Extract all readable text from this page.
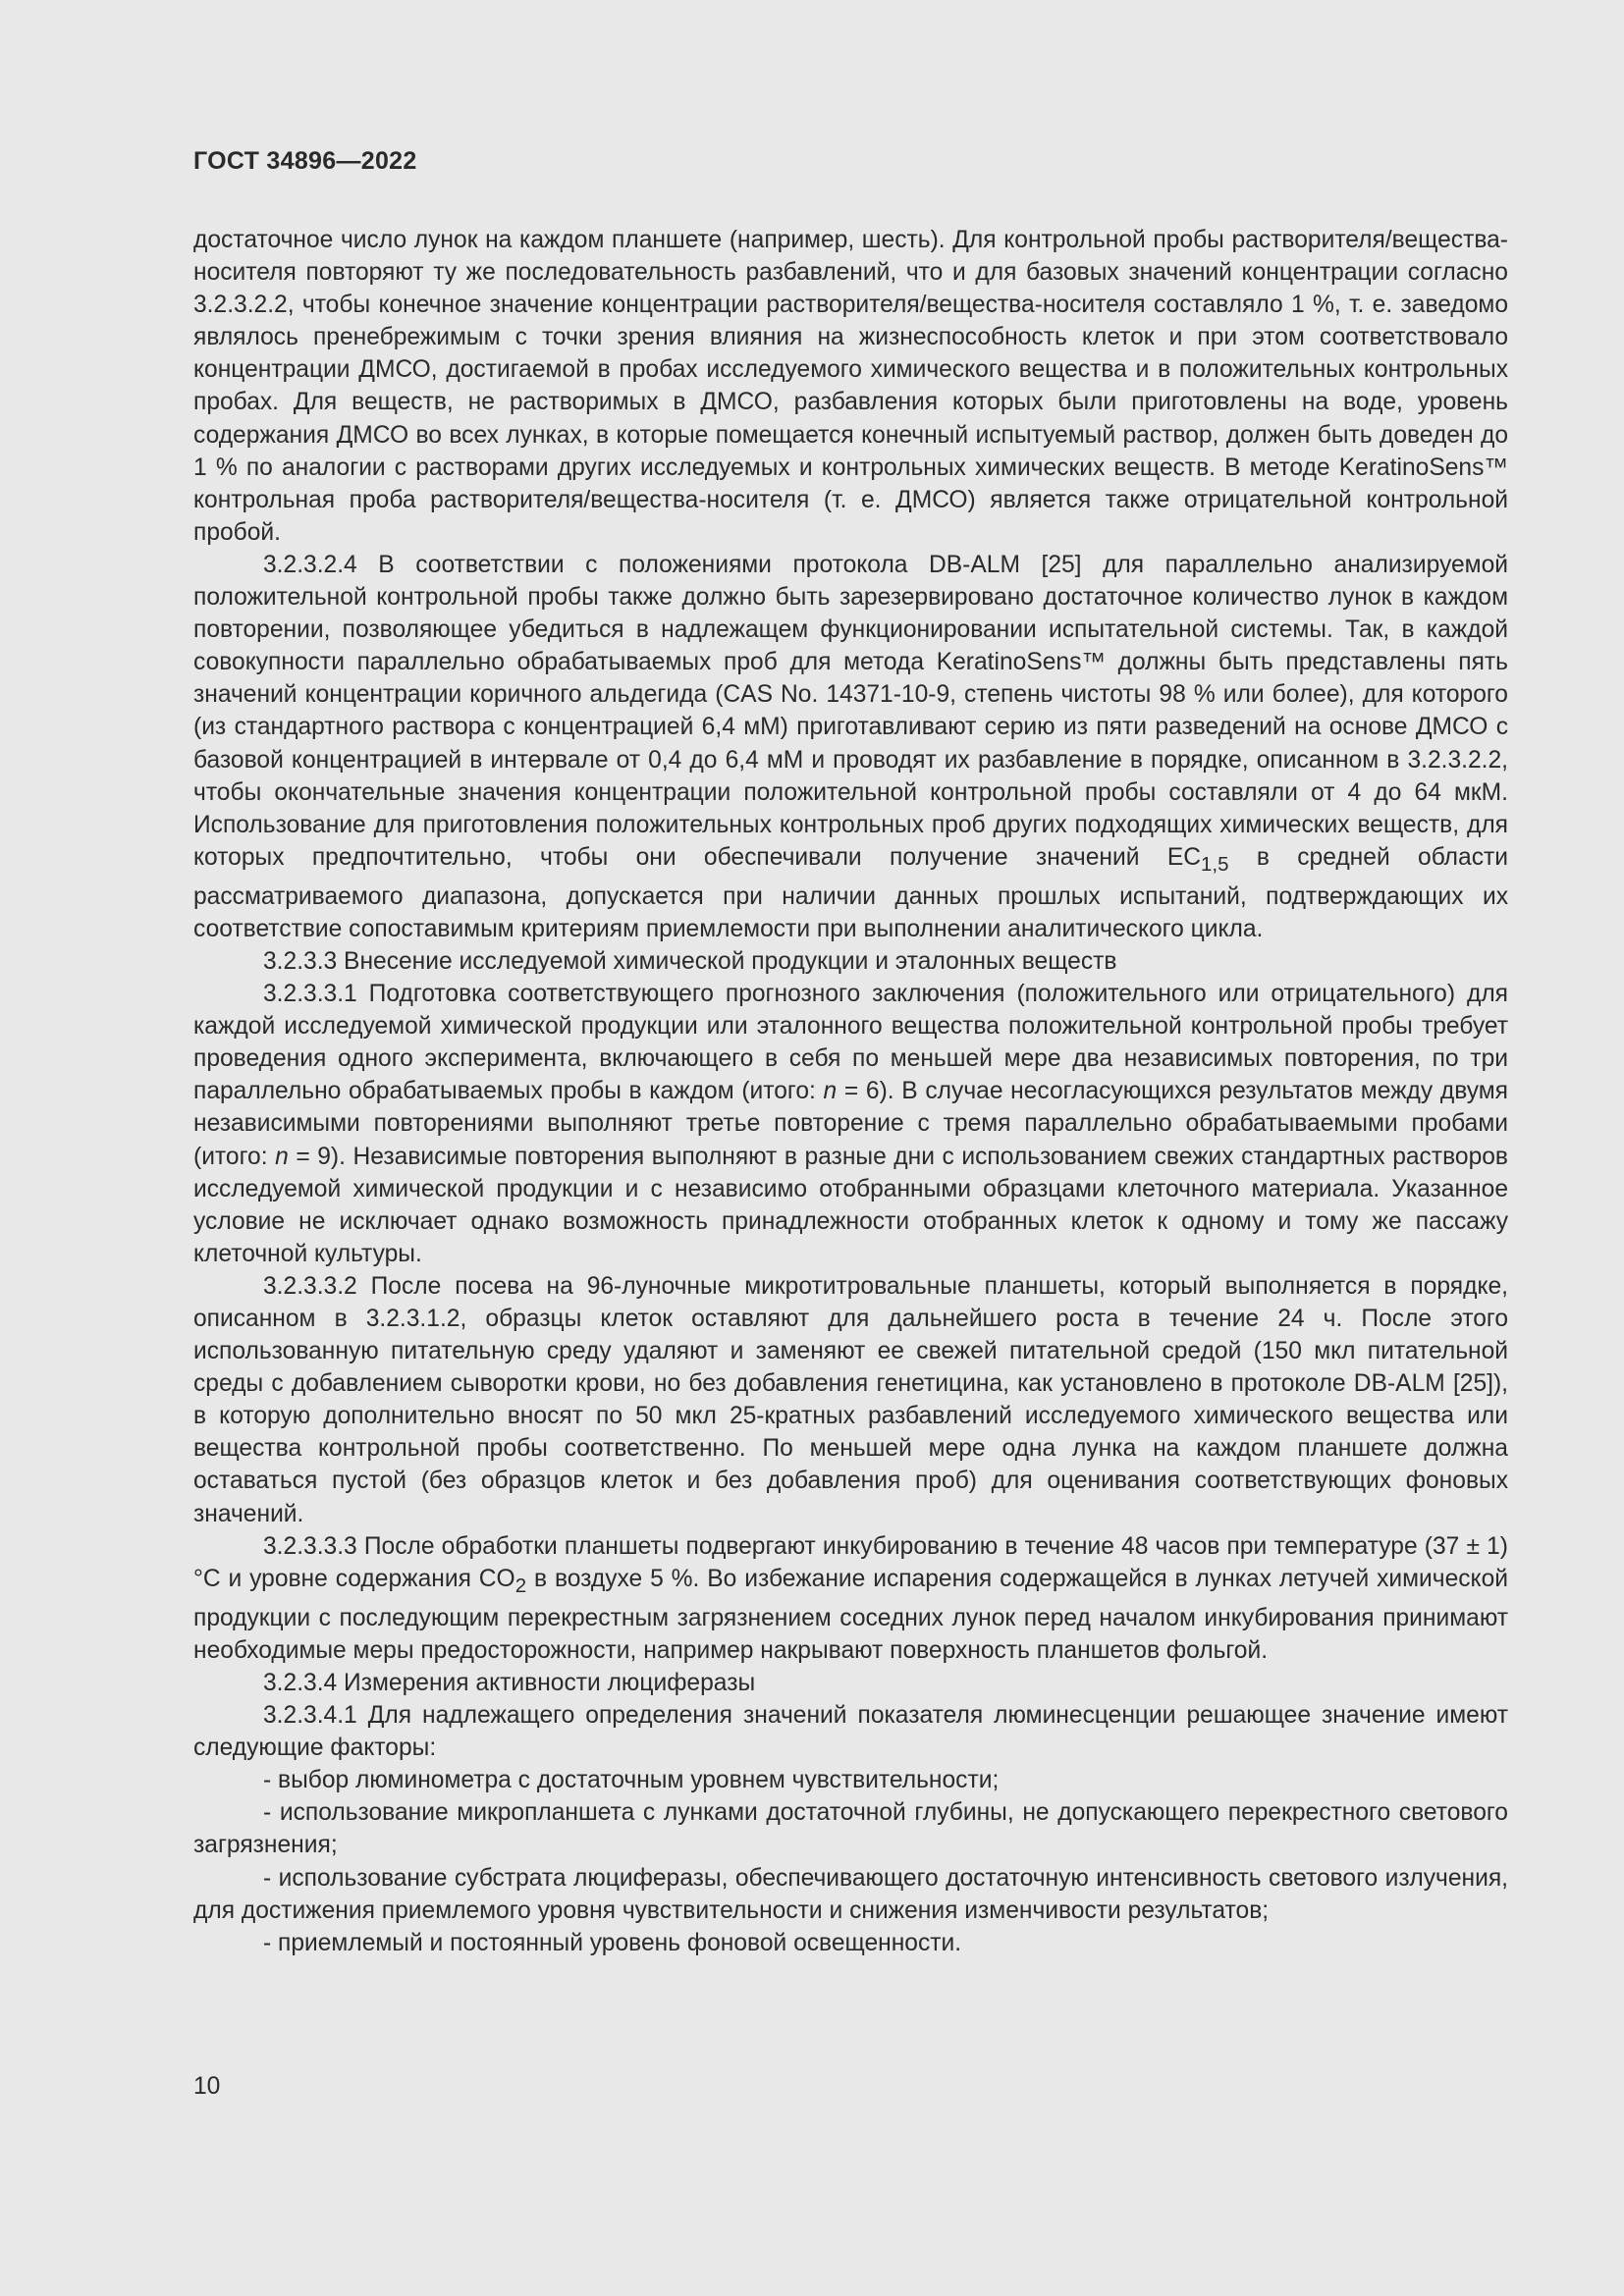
ГОСТ 34896—2022

достаточное число лунок на каждом планшете (например, шесть). Для контрольной пробы растворителя/вещества-носителя повторяют ту же последовательность разбавлений, что и для базовых значений концентрации согласно 3.2.3.2.2, чтобы конечное значение концентрации растворителя/вещества-носителя составляло 1 %, т. е. заведомо являлось пренебрежимым с точки зрения влияния на жизнеспособность клеток и при этом соответствовало концентрации ДМСО, достигаемой в пробах исследуемого химического вещества и в положительных контрольных пробах. Для веществ, не растворимых в ДМСО, разбавления которых были приготовлены на воде, уровень содержания ДМСО во всех лунках, в которые помещается конечный испытуемый раствор, должен быть доведен до 1 % по аналогии с растворами других исследуемых и контрольных химических веществ. В методе KeratinoSens™ контрольная проба растворителя/вещества-носителя (т. е. ДМСО) является также отрицательной контрольной пробой.

3.2.3.2.4 В соответствии с положениями протокола DB-ALM [25] для параллельно анализируемой положительной контрольной пробы также должно быть зарезервировано достаточное количество лунок в каждом повторении, позволяющее убедиться в надлежащем функционировании испытательной системы. Так, в каждой совокупности параллельно обрабатываемых проб для метода KeratinoSens™ должны быть представлены пять значений концентрации коричного альдегида (CAS No. 14371-10-9, степень чистоты 98 % или более), для которого (из стандартного раствора с концентрацией 6,4 мМ) приготавливают серию из пяти разведений на основе ДМСО с базовой концентрацией в интервале от 0,4 до 6,4 мМ и проводят их разбавление в порядке, описанном в 3.2.3.2.2, чтобы окончательные значения концентрации положительной контрольной пробы составляли от 4 до 64 мкМ. Использование для приготовления положительных контрольных проб других подходящих химических веществ, для которых предпочтительно, чтобы они обеспечивали получение значений $EC_{1,5}$ в средней области рассматриваемого диапазона, допускается при наличии данных прошлых испытаний, подтверждающих их соответствие сопоставимым критериям приемлемости при выполнении аналитического цикла.

3.2.3.3 Внесение исследуемой химической продукции и эталонных веществ

3.2.3.3.1 Подготовка соответствующего прогнозного заключения (положительного или отрицательного) для каждой исследуемой химической продукции или эталонного вещества положительной контрольной пробы требует проведения одного эксперимента, включающего в себя по меньшей мере два независимых повторения, по три параллельно обрабатываемых пробы в каждом (итого: n = 6). В случае несогласующихся результатов между двумя независимыми повторениями выполняют третье повторение с тремя параллельно обрабатываемыми пробами (итого: n = 9). Независимые повторения выполняют в разные дни с использованием свежих стандартных растворов исследуемой химической продукции и с независимо отобранными образцами клеточного материала. Указанное условие не исключает однако возможность принадлежности отобранных клеток к одному и тому же пассажу клеточной культуры.

3.2.3.3.2 После посева на 96-луночные микротитровальные планшеты, который выполняется в порядке, описанном в 3.2.3.1.2, образцы клеток оставляют для дальнейшего роста в течение 24 ч. После этого использованную питательную среду удаляют и заменяют ее свежей питательной средой (150 мкл питательной среды с добавлением сыворотки крови, но без добавления генетицина, как установлено в протоколе DB-ALM [25]), в которую дополнительно вносят по 50 мкл 25-кратных разбавлений исследуемого химического вещества или вещества контрольной пробы соответственно. По меньшей мере одна лунка на каждом планшете должна оставаться пустой (без образцов клеток и без добавления проб) для оценивания соответствующих фоновых значений.

3.2.3.3.3 После обработки планшеты подвергают инкубированию в течение 48 часов при температуре (37 ± 1) °C и уровне содержания $CO_2$ в воздухе 5 %. Во избежание испарения содержащейся в лунках летучей химической продукции с последующим перекрестным загрязнением соседних лунок перед началом инкубирования принимают необходимые меры предосторожности, например накрывают поверхность планшетов фольгой.

3.2.3.4 Измерения активности люциферазы

3.2.3.4.1 Для надлежащего определения значений показателя люминесценции решающее значение имеют следующие факторы:

- выбор люминометра с достаточным уровнем чувствительности;

- использование микропланшета с лунками достаточной глубины, не допускающего перекрестного светового загрязнения;

- использование субстрата люциферазы, обеспечивающего достаточную интенсивность светового излучения, для достижения приемлемого уровня чувствительности и снижения изменчивости результатов;

- приемлемый и постоянный уровень фоновой освещенности.

10
